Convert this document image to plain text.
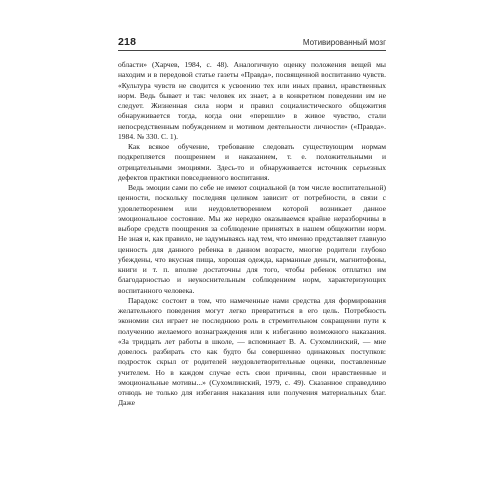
218	Мотивированный мозг

области» (Харчев, 1984, с. 48). Аналогичную оценку положения вещей мы находим и в передовой статье газеты «Правда», посвященной воспитанию чувств. «Культура чувств не сводится к усвоению тех или иных правил, нравственных норм. Ведь бывает и так: человек их знает, а в конкретном поведении им не следует. Жизненная сила норм и правил социалистического общежития обнаруживается тогда, когда они «перешли» в живое чувство, стали непосредственным побуждением и мотивом деятельности личности» («Правда». 1984. № 330. С. 1).

Как всякое обучение, требование следовать существующим нормам подкрепляется поощрением и наказанием, т. е. положительными и отрицательными эмоциями. Здесь-то и обнаруживается источник серьезных дефектов практики повседневного воспитания.

Ведь эмоции сами по себе не имеют социальной (в том числе воспитательной) ценности, поскольку последняя целиком зависит от потребности, в связи с удовлетворением или неудовлетворением которой возникает данное эмоциональное состояние. Мы же нередко оказываемся крайне неразборчивы в выборе средств поощрения за соблюдение принятых в нашем общежитии норм. Не зная и, как правило, не задумываясь над тем, что именно представляет главную ценность для данного ребенка в данном возрасте, многие родители глубоко убеждены, что вкусная пища, хорошая одежда, карманные деньги, магнитофоны, книги и т. п. вполне достаточны для того, чтобы ребенок отплатил им благодарностью и неукоснительным соблюдением норм, характеризующих воспитанного человека.

Парадокс состоит в том, что намеченные нами средства для формирования желательного поведения могут легко превратиться в его цель. Потребность экономии сил играет не последнюю роль в стремительном сокращении пути к получению желаемого вознаграждения или к избеганию возможного наказания. «За тридцать лет работы в школе, — вспоминает В. А. Сухомлинский, — мне довелось разбирать сто как будто бы совершенно одинаковых поступков: подросток скрыл от родителей неудовлетворительные оценки, поставленные учителем. Но в каждом случае есть свои причины, свои нравственные и эмоциональные мотивы...» (Сухомлинский, 1979, с. 49). Сказанное справедливо отнюдь не только для избегания наказания или получения материальных благ. Даже
